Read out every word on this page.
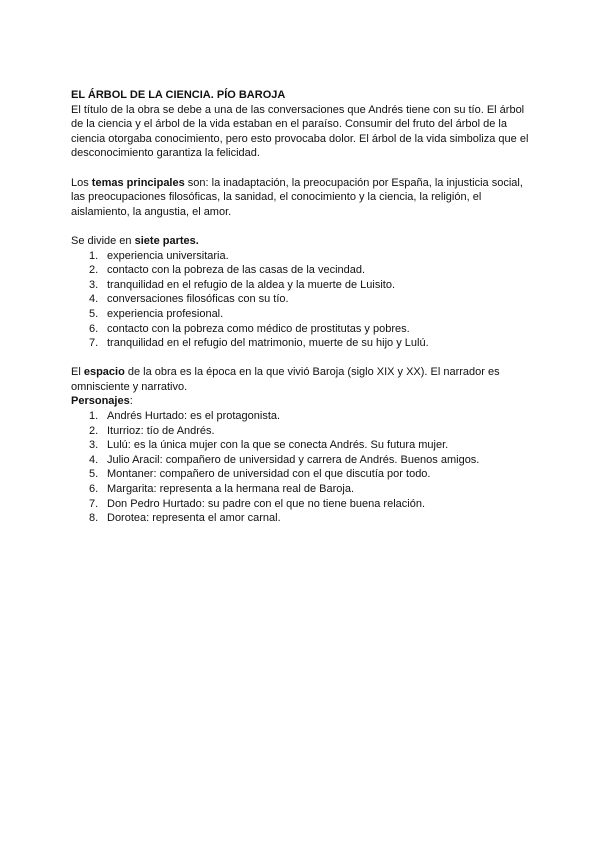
EL ÁRBOL DE LA CIENCIA. PÍO BAROJA

El título de la obra se debe a una de las conversaciones que Andrés tiene con su tío. El árbol de la ciencia y el árbol de la vida estaban en el paraíso. Consumir del fruto del árbol de la ciencia otorgaba conocimiento, pero esto provocaba dolor. El árbol de la vida simboliza que el desconocimiento garantiza la felicidad.

Los temas principales son: la inadaptación, la preocupación por España, la injusticia social, las preocupaciones filosóficas, la sanidad, el conocimiento y la ciencia, la religión, el aislamiento, la angustia, el amor.

Se divide en siete partes.

1. experiencia universitaria.
2. contacto con la pobreza de las casas de la vecindad.
3. tranquilidad en el refugio de la aldea y la muerte de Luisito.
4. conversaciones filosóficas con su tío.
5. experiencia profesional.
6. contacto con la pobreza como médico de prostitutas y pobres.
7. tranquilidad en el refugio del matrimonio, muerte de su hijo y Lulú.

El espacio de la obra es la época en la que vivió Baroja (siglo XIX y XX). El narrador es omnisciente y narrativo.

Personajes:

1. Andrés Hurtado: es el protagonista.
2. Iturrioz: tío de Andrés.
3. Lulú: es la única mujer con la que se conecta Andrés. Su futura mujer.
4. Julio Aracil: compañero de universidad y carrera de Andrés. Buenos amigos.
5. Montaner: compañero de universidad con el que discutía por todo.
6. Margarita: representa a la hermana real de Baroja.
7. Don Pedro Hurtado: su padre con el que no tiene buena relación.
8. Dorotea: representa el amor carnal.
